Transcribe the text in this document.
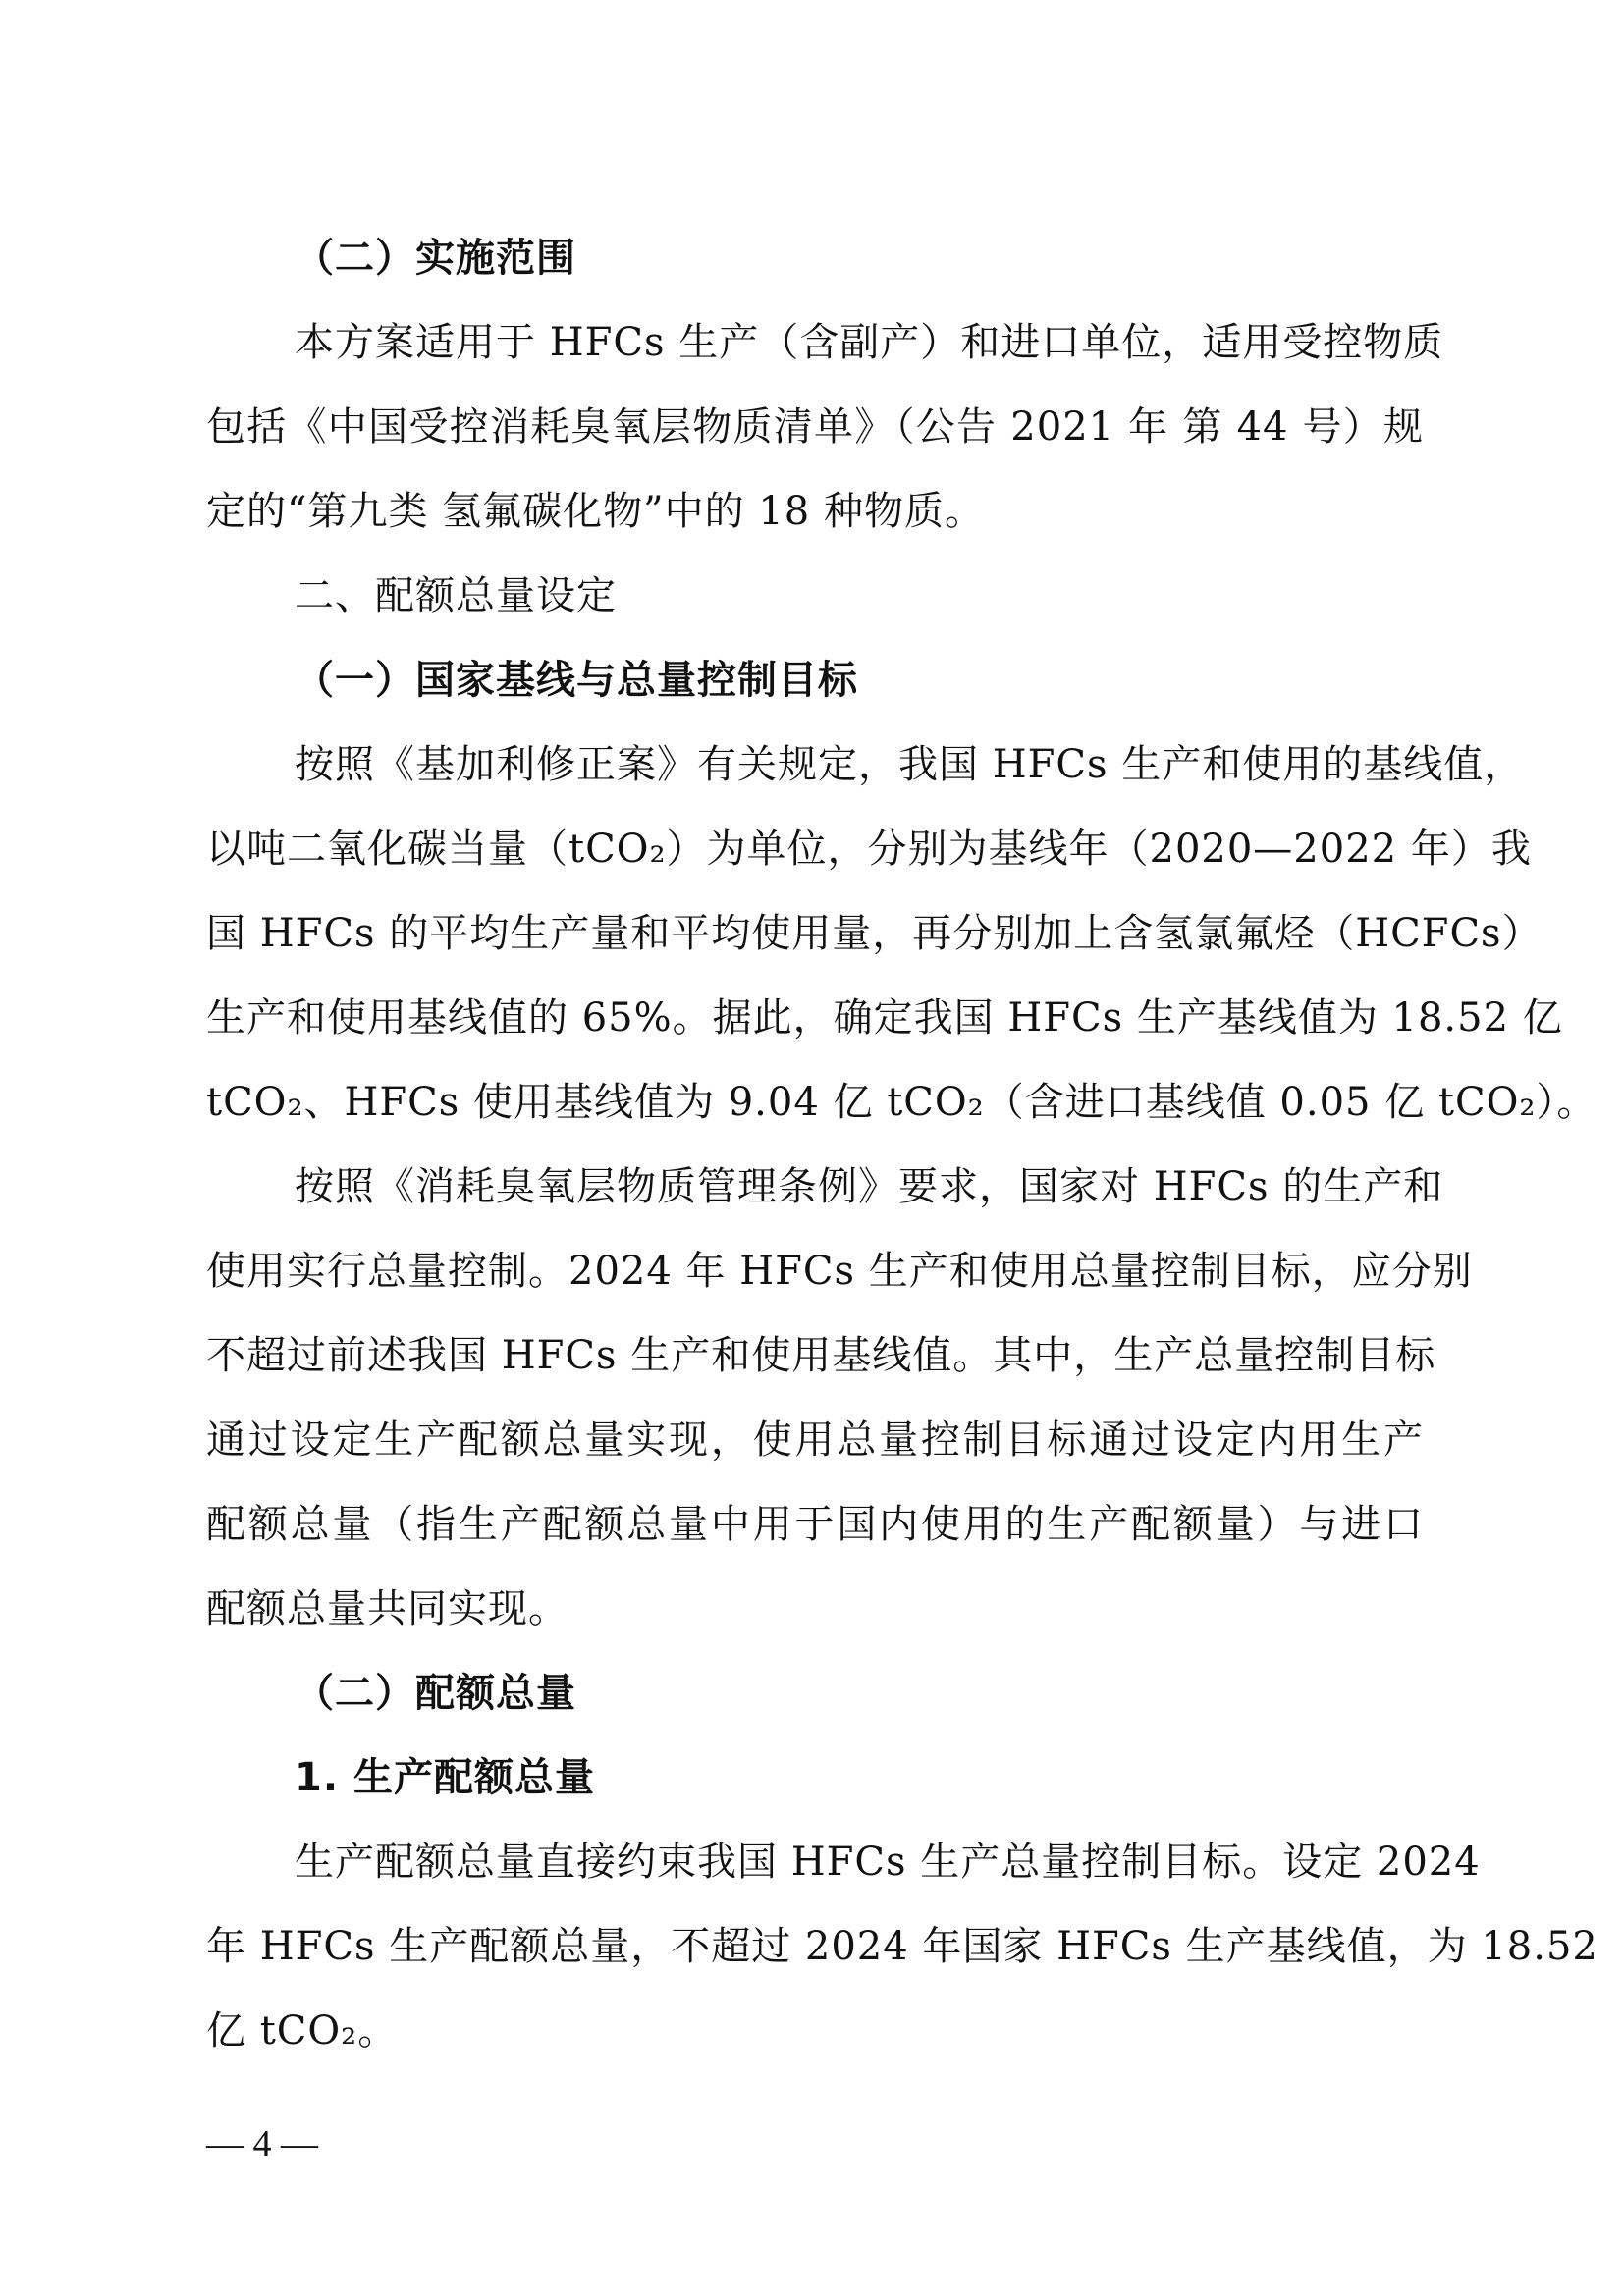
（二）实施范围
本方案适用于 HFCs 生产（含副产）和进口单位，适用受控物质
包括《中国受控消耗臭氧层物质清单》（公告 2021 年 第 44 号）规
定的“第九类 氢氟碳化物”中的 18 种物质。
二、配额总量设定
（一）国家基线与总量控制目标
按照《基加利修正案》有关规定，我国 HFCs 生产和使用的基线值，
以吨二氧化碳当量（tCO₂）为单位，分别为基线年（2020—2022 年）我
国 HFCs 的平均生产量和平均使用量，再分别加上含氢氯氟烃（HCFCs）
生产和使用基线值的 65%。据此，确定我国 HFCs 生产基线值为 18.52 亿
tCO₂、HFCs 使用基线值为 9.04 亿 tCO₂（含进口基线值 0.05 亿 tCO₂）。
按照《消耗臭氧层物质管理条例》要求，国家对 HFCs 的生产和
使用实行总量控制。2024 年 HFCs 生产和使用总量控制目标，应分别
不超过前述我国 HFCs 生产和使用基线值。其中，生产总量控制目标
通过设定生产配额总量实现，使用总量控制目标通过设定内用生产
配额总量（指生产配额总量中用于国内使用的生产配额量）与进口
配额总量共同实现。
（二）配额总量
1. 生产配额总量
生产配额总量直接约束我国 HFCs 生产总量控制目标。设定 2024
年 HFCs 生产配额总量，不超过 2024 年国家 HFCs 生产基线值，为 18.52
亿 tCO₂。
— 4 —
